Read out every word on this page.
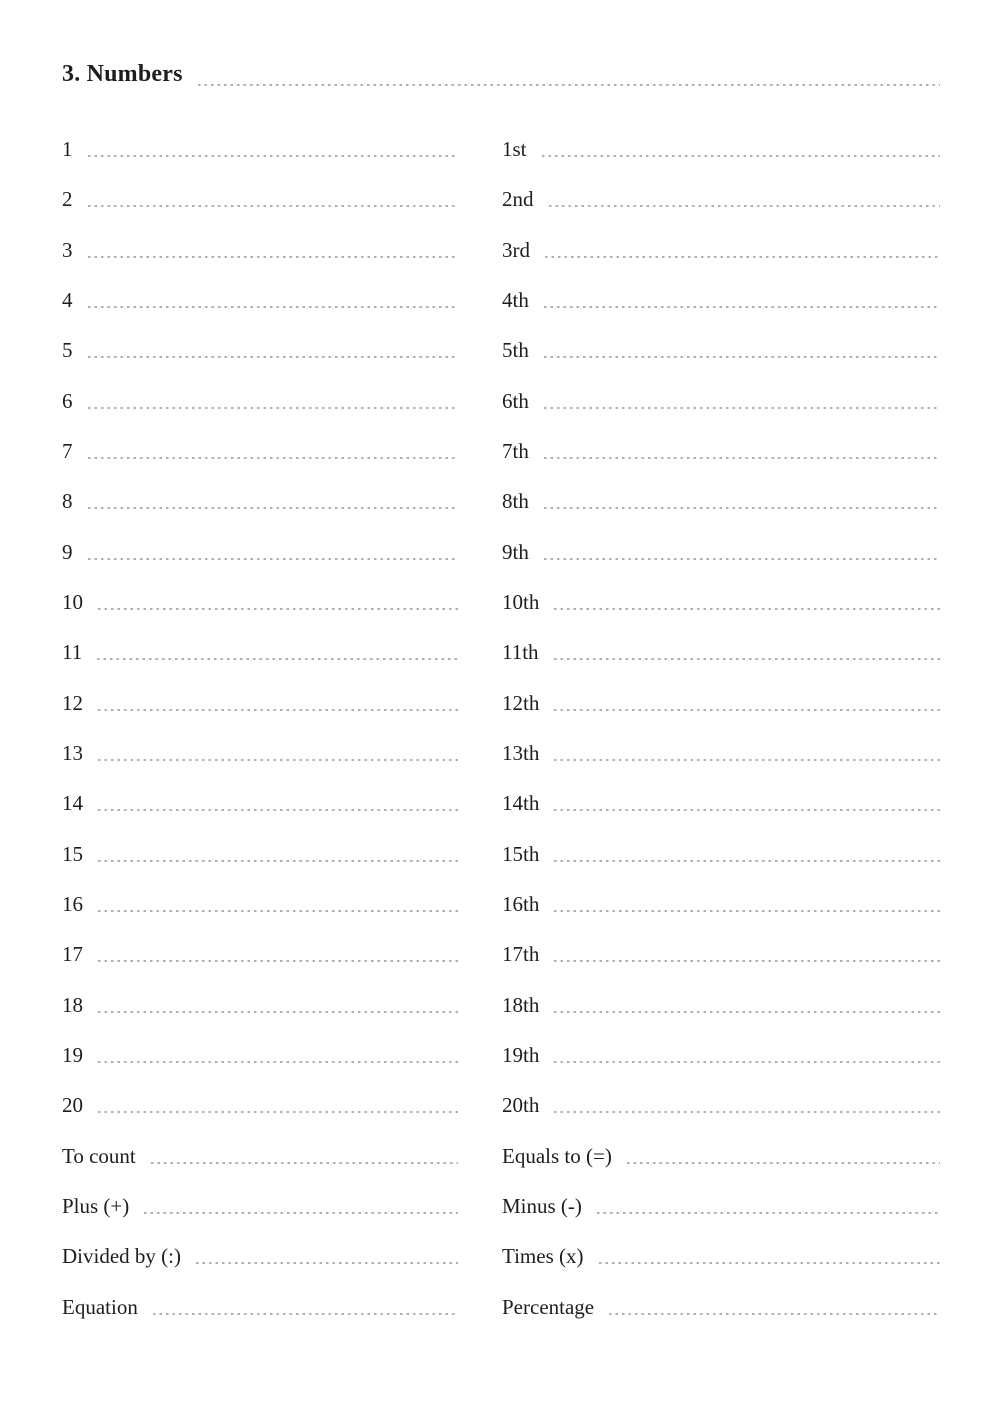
3. Numbers
1
2
3
4
5
6
7
8
9
10
11
12
13
14
15
16
17
18
19
20
To count
Plus (+)
Divided by (:)
Equation
1st
2nd
3rd
4th
5th
6th
7th
8th
9th
10th
11th
12th
13th
14th
15th
16th
17th
18th
19th
20th
Equals to (=)
Minus (-)
Times (x)
Percentage
